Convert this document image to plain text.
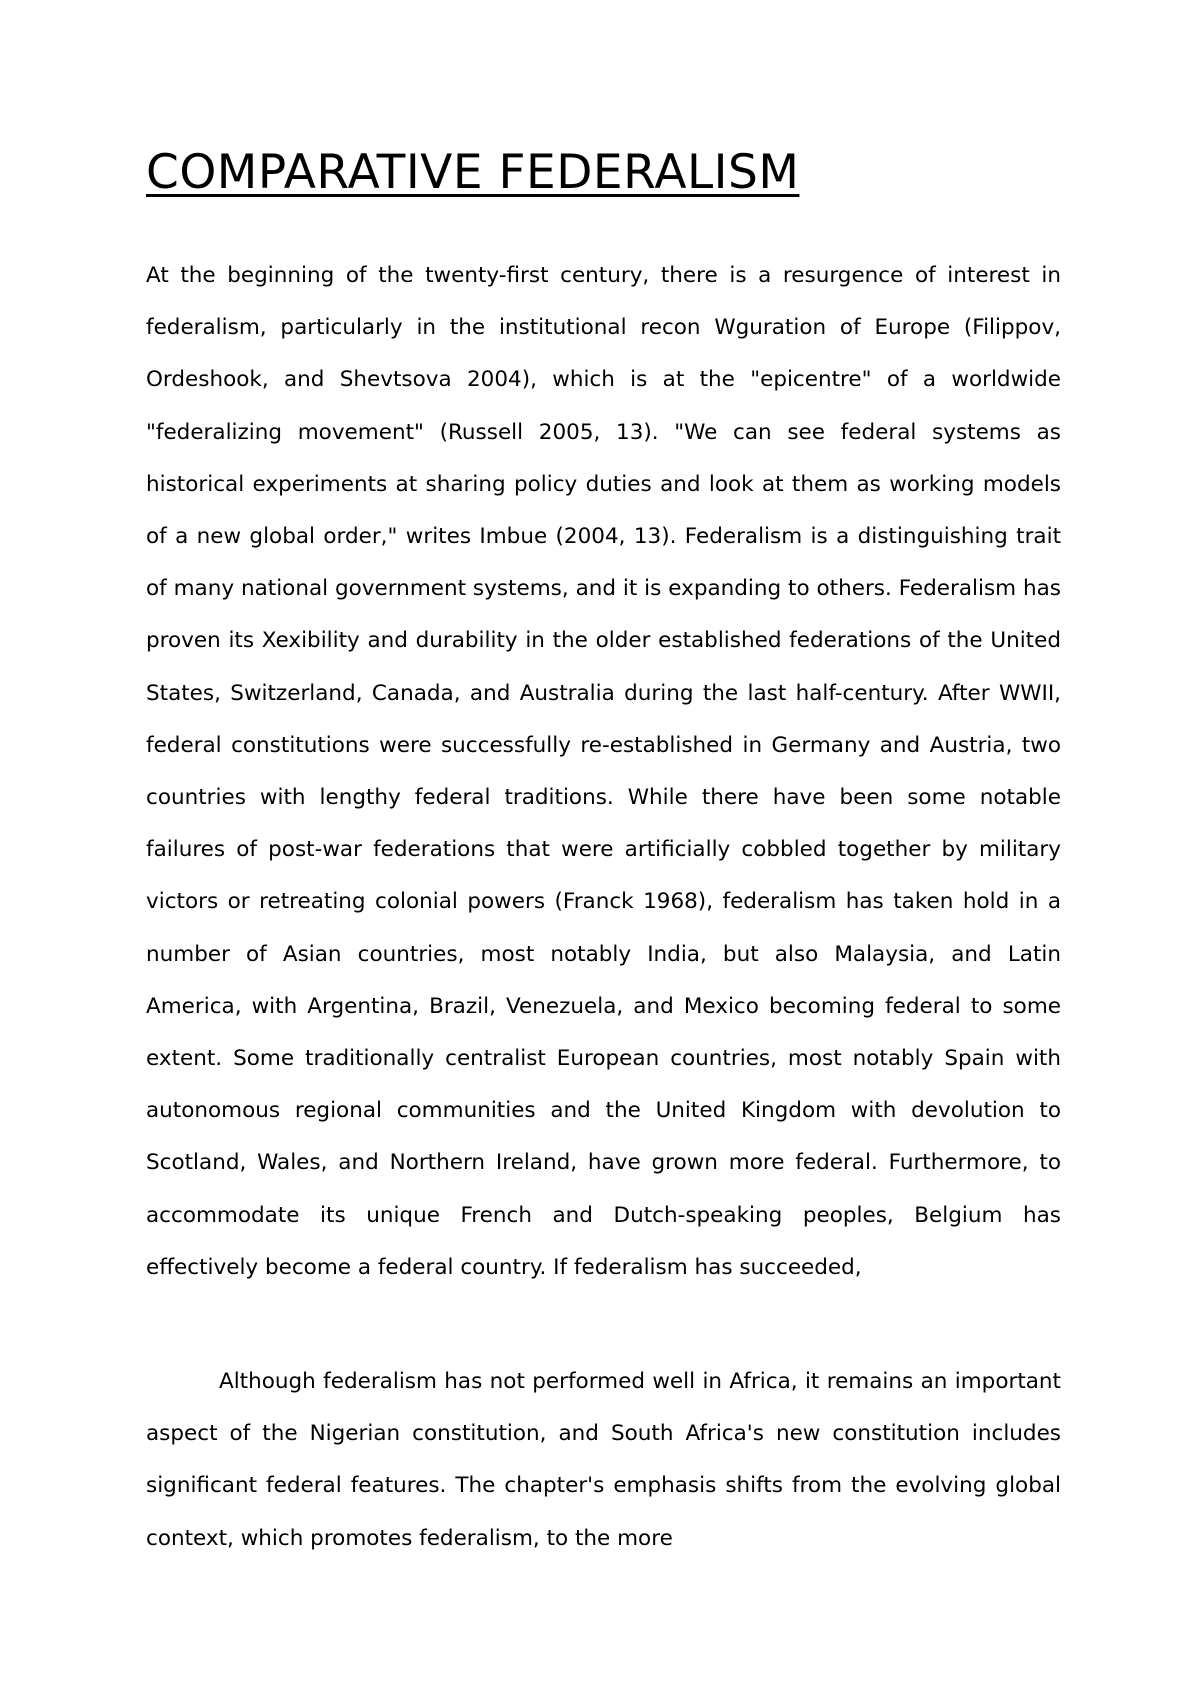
COMPARATIVE FEDERALISM

At the beginning of the twenty-first century, there is a resurgence of interest in federalism, particularly in the institutional recon Wguration of Europe (Filippov, Ordeshook, and Shevtsova 2004), which is at the "epicentre" of a worldwide "federalizing movement" (Russell 2005, 13). "We can see federal systems as historical experiments at sharing policy duties and look at them as working models of a new global order," writes Imbue (2004, 13). Federalism is a distinguishing trait of many national government systems, and it is expanding to others. Federalism has proven its Xexibility and durability in the older established federations of the United States, Switzerland, Canada, and Australia during the last half-century. After WWII, federal constitutions were successfully re-established in Germany and Austria, two countries with lengthy federal traditions. While there have been some notable failures of post-war federations that were artificially cobbled together by military victors or retreating colonial powers (Franck 1968), federalism has taken hold in a number of Asian countries, most notably India, but also Malaysia, and Latin America, with Argentina, Brazil, Venezuela, and Mexico becoming federal to some extent. Some traditionally centralist European countries, most notably Spain with autonomous regional communities and the United Kingdom with devolution to Scotland, Wales, and Northern Ireland, have grown more federal. Furthermore, to accommodate its unique French and Dutch-speaking peoples, Belgium has effectively become a federal country. If federalism has succeeded,

Although federalism has not performed well in Africa, it remains an important aspect of the Nigerian constitution, and South Africa's new constitution includes significant federal features. The chapter's emphasis shifts from the evolving global context, which promotes federalism, to the more
